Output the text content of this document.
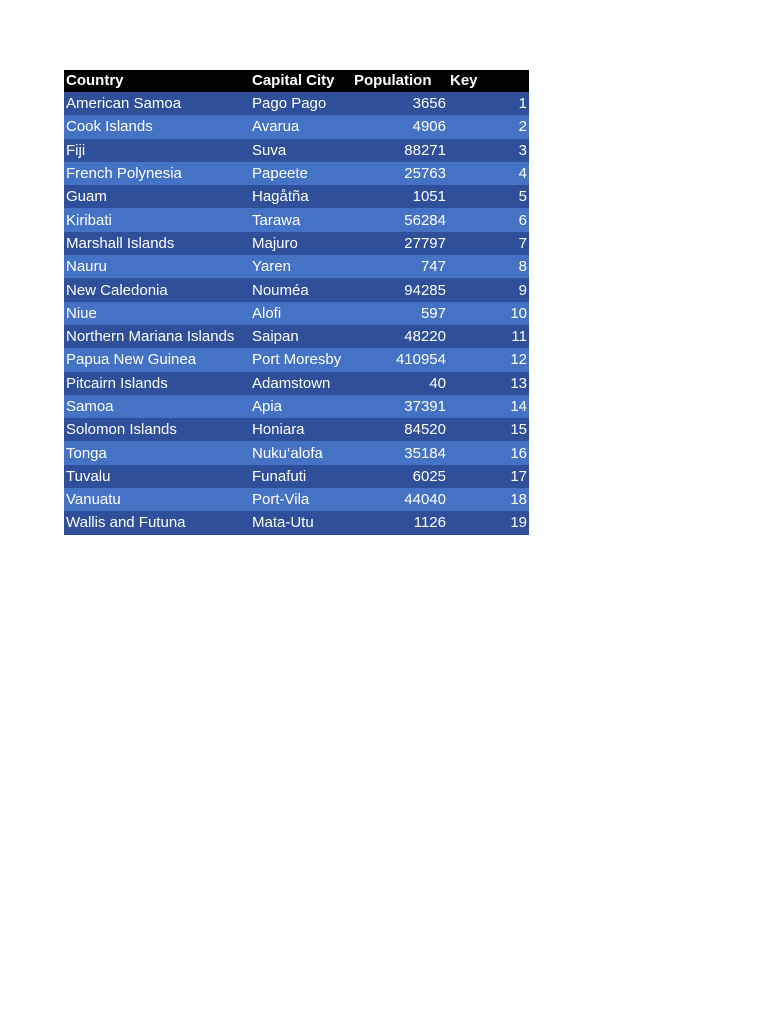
Country	Capital City	Population	Key
American Samoa	Pago Pago	3656	1
Cook Islands	Avarua	4906	2
Fiji	Suva	88271	3
French Polynesia	Papeete	25763	4
Guam	Hagåtña	1051	5
Kiribati	Tarawa	56284	6
Marshall Islands	Majuro	27797	7
Nauru	Yaren	747	8
New Caledonia	Nouméa	94285	9
Niue	Alofi	597	10
Northern Mariana Islands	Saipan	48220	11
Papua New Guinea	Port Moresby	410954	12
Pitcairn Islands	Adamstown	40	13
Samoa	Apia	37391	14
Solomon Islands	Honiara	84520	15
Tonga	Nuku‘alofa	35184	16
Tuvalu	Funafuti	6025	17
Vanuatu	Port-Vila	44040	18
Wallis and Futuna	Mata-Utu	1126	19
